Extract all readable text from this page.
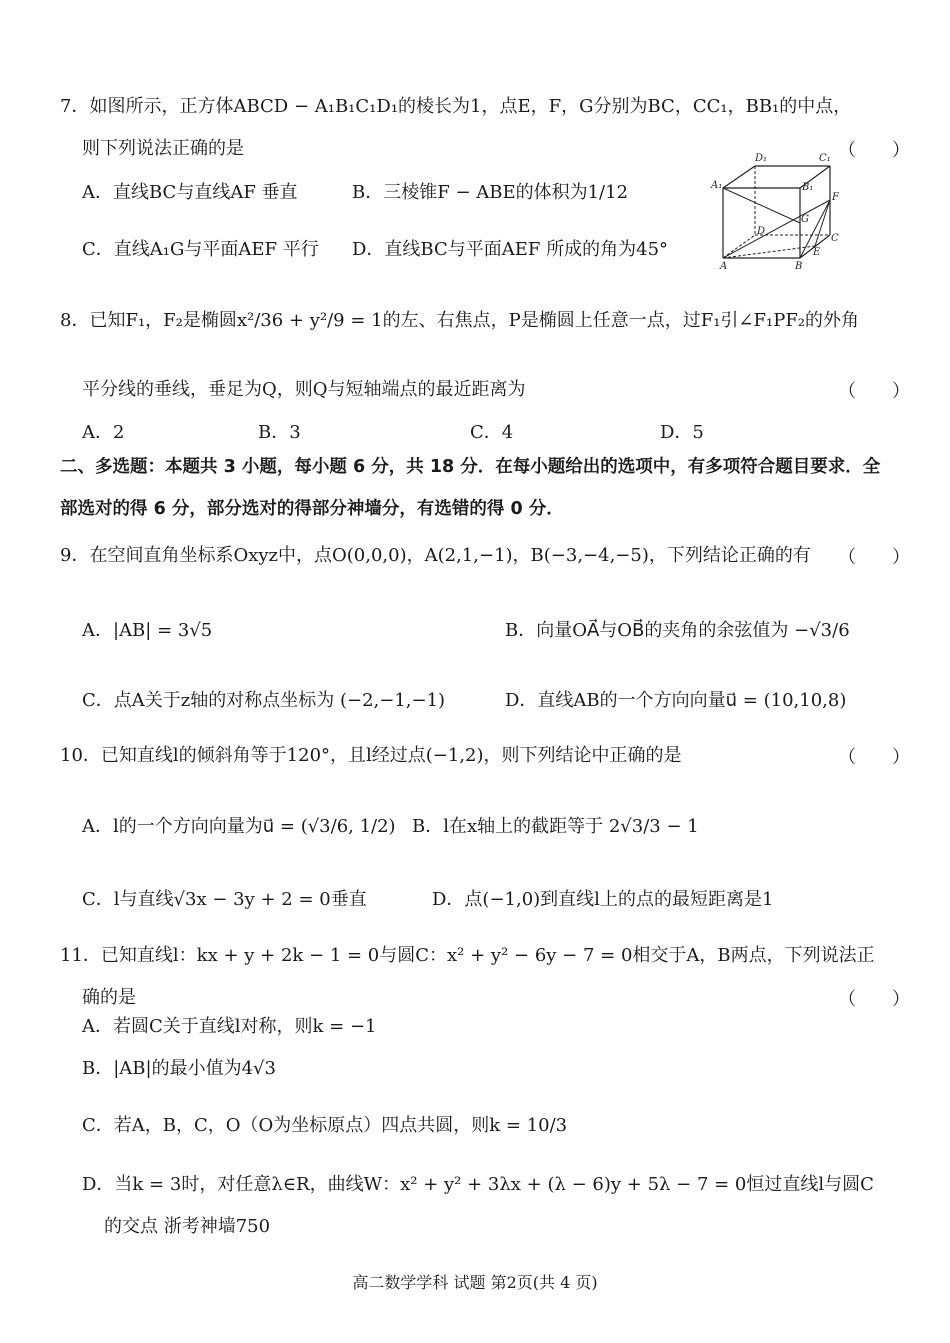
7．如图所示，正方体ABCD − A₁B₁C₁D₁的棱长为1，点E，F，G分别为BC，CC₁，BB₁的中点，
则下列说法正确的是	（　　）
A．直线BC与直线AF 垂直	B．三棱锥F − ABE的体积为1/12
C．直线A₁G与平面AEF 平行 D．直线BC与平面AEF 所成的角为45°
D₁	C₁
A₁	B₁
F
G
D
C
A	B
E
8．已知F₁，F₂是椭圆x²/36 + y²/9 = 1的左、右焦点，P是椭圆上任意一点，过F₁引∠F₁PF₂的外角
平分线的垂线，垂足为Q，则Q与短轴端点的最近距离为	（　　）
A．2	B．3	C．4	D．5
二、多选题：本题共 3 小题，每小题 6 分，共 18 分．在每小题给出的选项中，有多项符合题目要求．全
部选对的得 6 分，部分选对的得部分神墙分，有选错的得 0 分．
9．在空间直角坐标系Oxyz中，点O(0,0,0)，A(2,1,−1)，B(−3,−4,−5)，下列结论正确的有 （　　）
A．|AB| = 3√5	B．向量OA⃗与OB⃗的夹角的余弦值为 −√3/6
C．点A关于z轴的对称点坐标为 (−2,−1,−1)	D．直线AB的一个方向向量u⃗ = (10,10,8)
10．已知直线l的倾斜角等于120°，且l经过点(−1,2)，则下列结论中正确的是	（　　）
A．l的一个方向向量为u⃗ = (√3/6, 1/2) B．l在x轴上的截距等于 2√3/3 − 1
C．l与直线√3x − 3y + 2 = 0垂直	D．点(−1,0)到直线l上的点的最短距离是1
11．已知直线l：kx + y + 2k − 1 = 0与圆C：x² + y² − 6y − 7 = 0相交于A，B两点，下列说法正
确的是	（　　）
A．若圆C关于直线l对称，则k = −1
B．|AB|的最小值为4√3
C．若A，B，C，O（O为坐标原点）四点共圆，则k = 10/3
D．当k = 3时，对任意λ∈R，曲线W：x² + y² + 3λx + (λ − 6)y + 5λ − 7 = 0恒过直线l与圆C
的交点 浙考神墙750
高二数学学科 试题 第2页(共 4 页)
